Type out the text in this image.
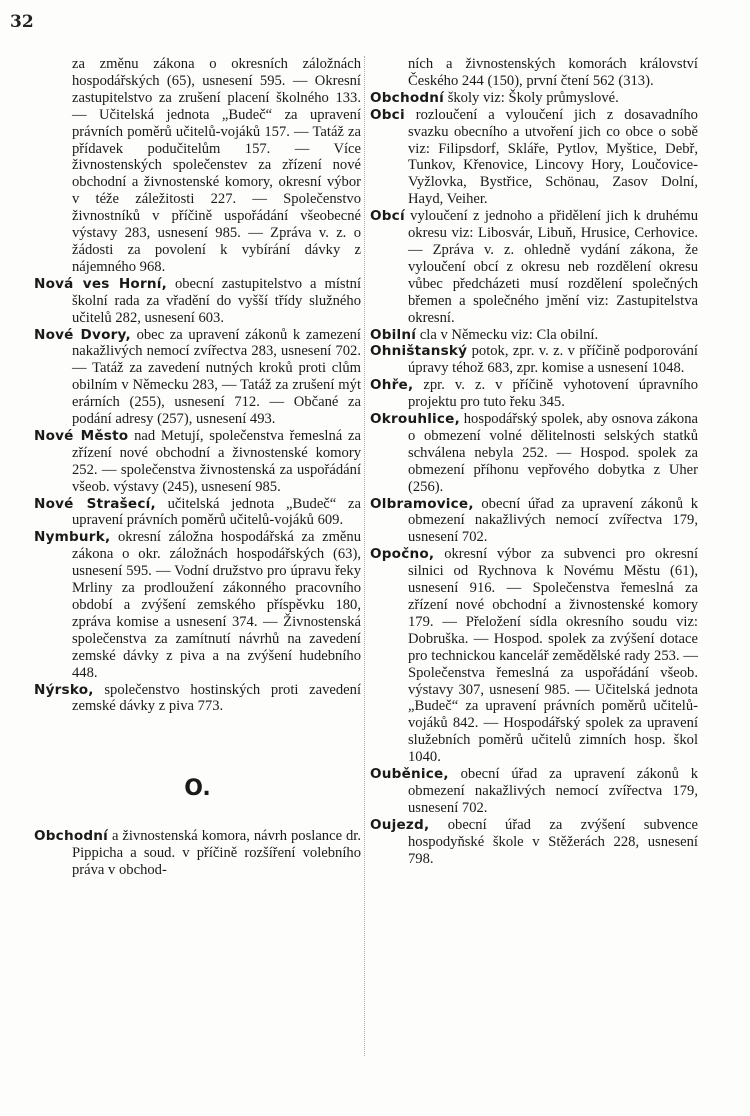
32

za změnu zákona o okresních záložnách hospodářských (65), usnesení 595. — Okresní zastupitelstvo za zrušení placení školného 133. — Učitelská jednota „Budeč“ za upravení právních poměrů učitelů-vojáků 157. — Tatáž za přídavek podučitelům 157. — Více živnostenských společenstev za zřízení nové obchodní a živnostenské komory, okresní výbor v téže záležitosti 227. — Společenstvo živnostníků v příčině uspořádání všeobecné výstavy 283, usnesení 985. — Zpráva v. z. o žádosti za povolení k vybírání dávky z nájemného 968.

Nová ves Horní, obecní zastupitelstvo a místní školní rada za vřadění do vyšší třídy služného učitelů 282, usnesení 603.

Nové Dvory, obec za upravení zákonů k zamezení nakažlivých nemocí zvířectva 283, usnesení 702. — Tatáž za zavedení nutných kroků proti clům obilním v Německu 283, — Tatáž za zrušení mýt erárních (255), usnesení 712. — Občané za podání adresy (257), usnesení 493.

Nové Město nad Metují, společenstva řemeslná za zřízení nové obchodní a živnostenské komory 252. — společenstva živnostenská za uspořádání všeob. výstavy (245), usnesení 985.

Nové Strašecí, učitelská jednota „Budeč“ za upravení právních poměrů učitelů-vojáků 609.

Nymburk, okresní záložna hospodářská za změnu zákona o okr. záložnách hospodářských (63), usnesení 595. — Vodní družstvo pro úpravu řeky Mrliny za prodloužení zákonného pracovního období a zvýšení zemského příspěvku 180, zpráva komise a usnesení 374. — Živnostenská společenstva za zamítnutí návrhů na zavedení zemské dávky z piva a na zvýšení hudebního 448.

Nýrsko, společenstvo hostinských proti zavedení zemské dávky z piva 773.

O.

Obchodní a živnostenská komora, návrh poslance dr. Pippicha a soud. v příčině rozšíření volebního práva v obchod-

ních a živnostenských komorách království Českého 244 (150), první čtení 562 (313).

Obchodní školy viz: Školy průmyslové.

Obci rozloučení a vyloučení jich z dosavadního svazku obecního a utvoření jich co obce o sobě viz: Filipsdorf, Skláře, Pytlov, Myštice, Debř, Tunkov, Křenovice, Lincovy Hory, Loučovice-Vyžlovka, Bystřice, Schönau, Zasov Dolní, Hayd, Veiher.

Obcí vyloučení z jednoho a přidělení jich k druhému okresu viz: Libosvár, Libuň, Hrusice, Cerhovice. — Zpráva v. z. ohledně vydání zákona, že vyloučení obcí z okresu neb rozdělení okresu vůbec předcházeti musí rozdělení společných břemen a společného jmění viz: Zastupitelstva okresní.

Obilní cla v Německu viz: Cla obilní.

Ohništanský potok, zpr. v. z. v příčině podporování úpravy téhož 683, zpr. komise a usnesení 1048.

Ohře, zpr. v. z. v příčině vyhotovení úpravního projektu pro tuto řeku 345.

Okrouhlice, hospodářský spolek, aby osnova zákona o obmezení volné dělitelnosti selských statků schválena nebyla 252. — Hospod. spolek za obmezení příhonu vepřového dobytka z Uher (256).

Olbramovice, obecní úřad za upravení zákonů k obmezení nakažlivých nemocí zvířectva 179, usnesení 702.

Opočno, okresní výbor za subvenci pro okresní silnici od Rychnova k Novému Městu (61), usnesení 916. — Společenstva řemeslná za zřízení nové obchodní a živnostenské komory 179. — Přeložení sídla okresního soudu viz: Dobruška. — Hospod. spolek za zvýšení dotace pro technickou kancelář zemědělské rady 253. — Společenstva řemeslná za uspořádání všeob. výstavy 307, usnesení 985. — Učitelská jednota „Budeč“ za upravení právních poměrů učitelů-vojáků 842. — Hospodářský spolek za upravení služebních poměrů učitelů zimních hosp. škol 1040.

Ouběnice, obecní úřad za upravení zákonů k obmezení nakažlivých nemocí zvířectva 179, usnesení 702.

Oujezd, obecní úřad za zvýšení subvence hospodyňské škole v Stěžerách 228, usnesení 798.
